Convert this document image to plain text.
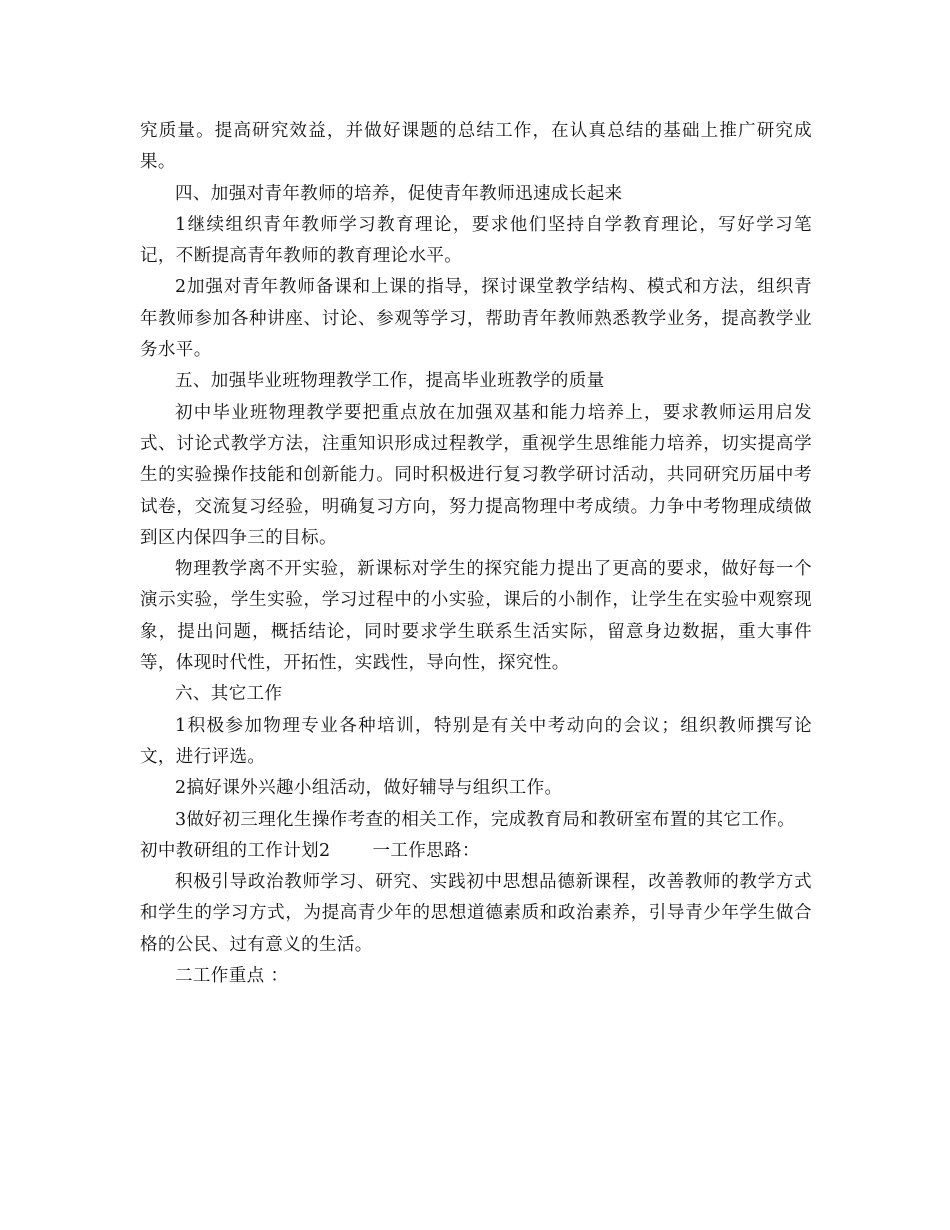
究质量。提高研究效益，并做好课题的总结工作，在认真总结的基础上推广研究成果。

四、加强对青年教师的培养，促使青年教师迅速成长起来

1继续组织青年教师学习教育理论，要求他们坚持自学教育理论，写好学习笔记，不断提高青年教师的教育理论水平。

2加强对青年教师备课和上课的指导，探讨课堂教学结构、模式和方法，组织青年教师参加各种讲座、讨论、参观等学习，帮助青年教师熟悉教学业务，提高教学业务水平。

五、加强毕业班物理教学工作，提高毕业班教学的质量

初中毕业班物理教学要把重点放在加强双基和能力培养上，要求教师运用启发式、讨论式教学方法，注重知识形成过程教学，重视学生思维能力培养，切实提高学生的实验操作技能和创新能力。同时积极进行复习教学研讨活动，共同研究历届中考试卷，交流复习经验，明确复习方向，努力提高物理中考成绩。力争中考物理成绩做到区内保四争三的目标。

物理教学离不开实验，新课标对学生的探究能力提出了更高的要求，做好每一个演示实验，学生实验，学习过程中的小实验，课后的小制作，让学生在实验中观察现象，提出问题，概括结论，同时要求学生联系生活实际，留意身边数据，重大事件等，体现时代性，开拓性，实践性，导向性，探究性。

六、其它工作

1积极参加物理专业各种培训，特别是有关中考动向的会议；组织教师撰写论文，进行评选。

2搞好课外兴趣小组活动，做好辅导与组织工作。

3做好初三理化生操作考查的相关工作，完成教育局和教研室布置的其它工作。

初中教研组的工作计划2 一工作思路：

积极引导政治教师学习、研究、实践初中思想品德新课程，改善教师的教学方式和学生的学习方式，为提高青少年的思想道德素质和政治素养，引导青少年学生做合格的公民、过有意义的生活。

二工作重点 ：
